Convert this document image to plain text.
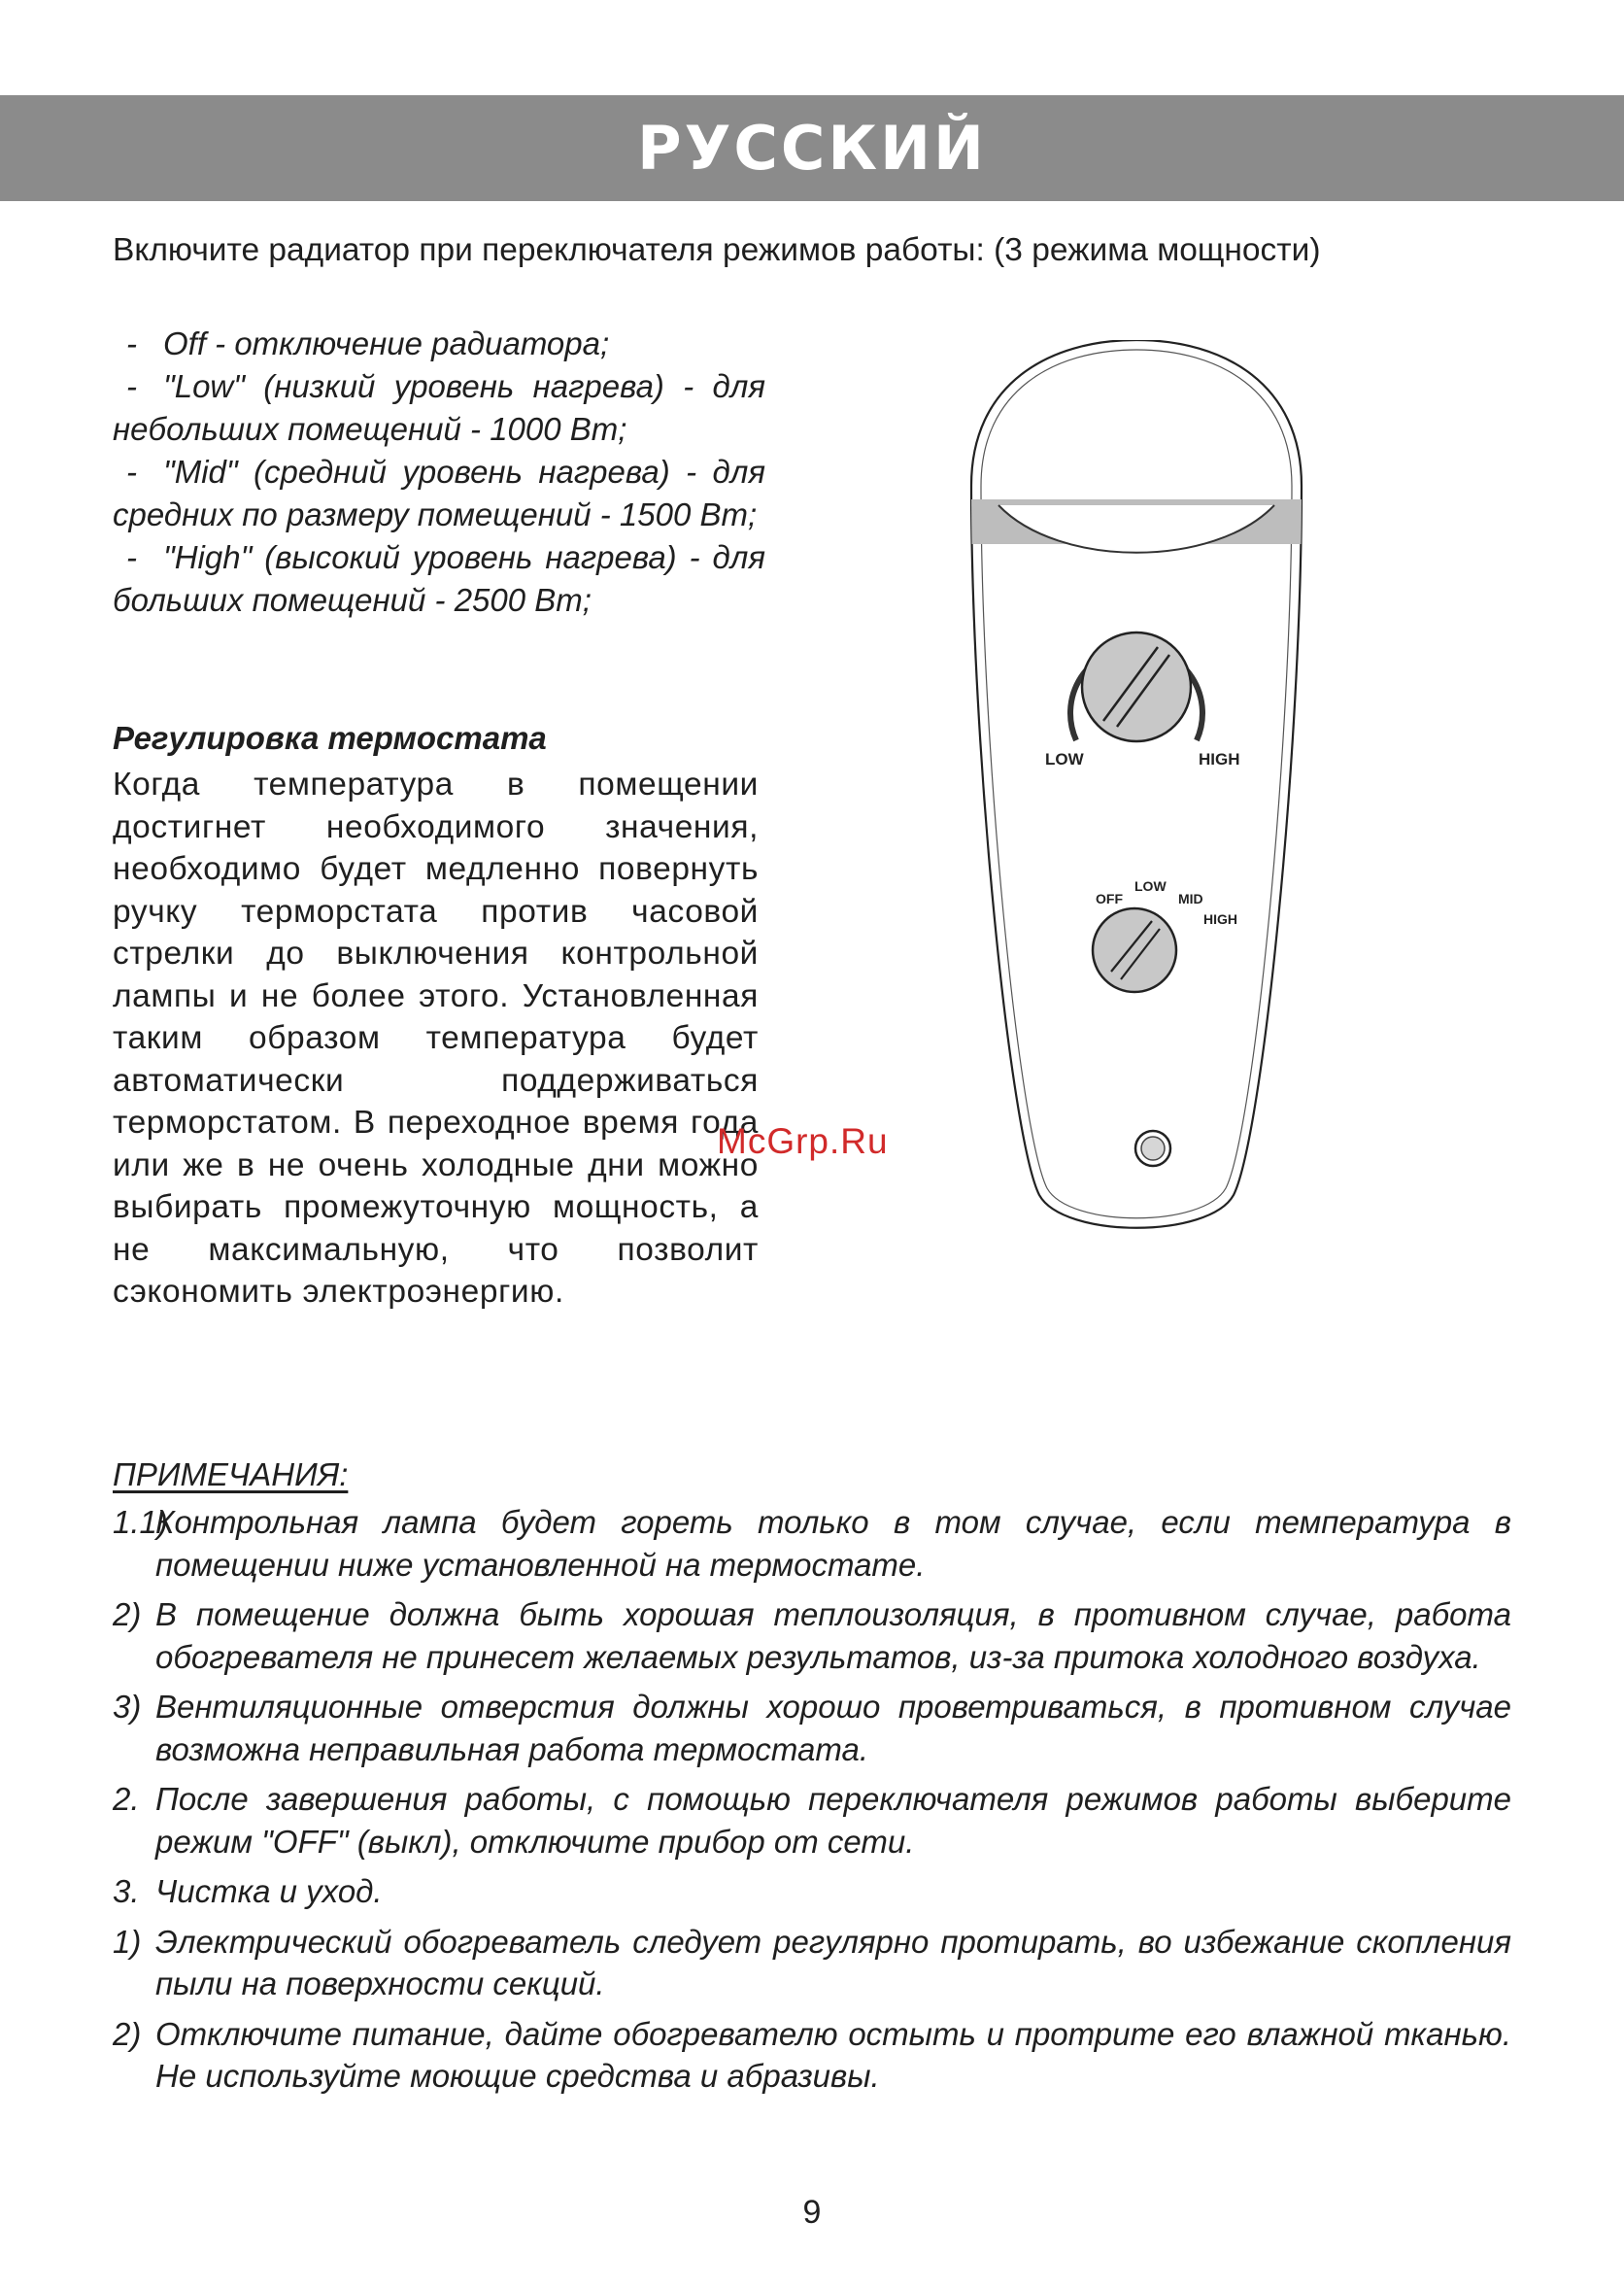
РУССКИЙ
Включите радиатор при переключателя режимов работы: (3 режима мощности)
- Off - отключение радиатора;
- "Low" (низкий уровень нагрева) - для небольших помещений - 1000 Вт;
- "Mid" (средний уровень нагрева) - для средних по размеру помещений - 1500 Вт;
- "High" (высокий уровень нагрева) - для больших помещений - 2500 Вт;
Регулировка термостата
Когда температура в помещении достигнет необходимого значения, необходимо будет медленно повернуть ручку терморстата против часовой стрелки до выключения контрольной лампы и не более этого. Установленная таким образом температура будет автоматически поддерживаться терморстатом. В переходное время года или же в не очень холодные дни можно выбирать промежуточную мощность, а не максимальную, что позволит сэкономить электроэнергию.
LOW	HIGH
OFF
LOW
MID
HIGH
McGrp.Ru
ПРИМЕЧАНИЯ:
1.1)
Контрольная лампа будет гореть только в том случае, если температура в помещении ниже установленной на термостате.
2) В помещение должна быть хорошая теплоизоляция, в противном случае, работа обогревателя не принесет желаемых результатов, из-за притока холодного воздуха.
3) Вентиляционные отверстия должны хорошо проветриваться, в противном случае возможна неправильная работа термостата.
2. После завершения работы, с помощью переключателя режимов работы выберите режим "OFF" (выкл), отключите прибор от сети.
3. Чистка и уход.
1) Электрический обогреватель следует регулярно протирать, во избежание скопления пыли на поверхности секций.
2) Отключите питание, дайте обогревателю остыть и протрите его влажной тканью. Не используйте моющие средства и абразивы.
9
